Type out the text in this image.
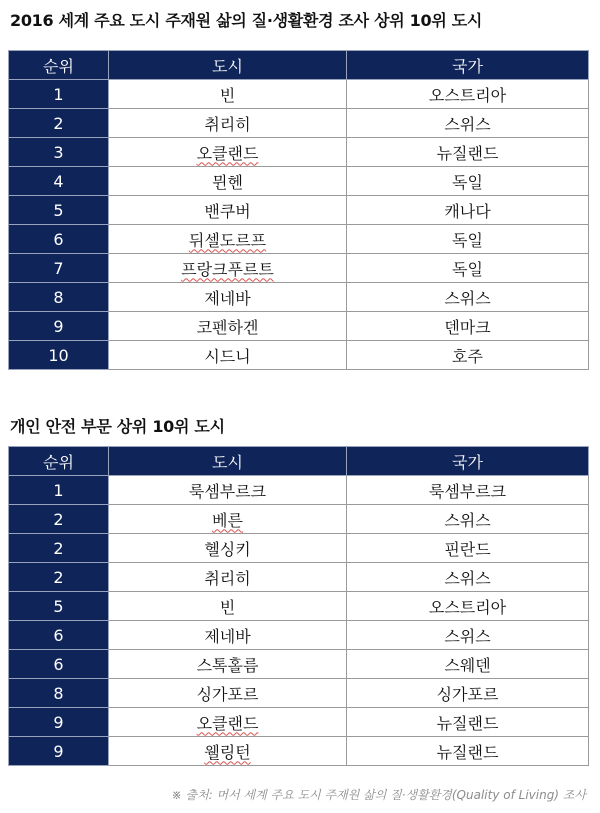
2016 세계 주요 도시 주재원 삶의 질·생활환경 조사 상위 10위 도시
순위	도시	국가
1	빈	오스트리아
2	취리히	스위스
3	오클랜드	뉴질랜드
4	뮌헨	독일
5	밴쿠버	캐나다
6	뒤셀도르프	독일
7	프랑크푸르트	독일
8	제네바	스위스
9	코펜하겐	덴마크
10	시드니	호주
개인 안전 부문 상위 10위 도시
순위	도시	국가
1	룩셈부르크	룩셈부르크
2	베른	스위스
2	헬싱키	핀란드
2	취리히	스위스
5	빈	오스트리아
6	제네바	스위스
6	스톡홀름	스웨덴
8	싱가포르	싱가포르
9	오클랜드	뉴질랜드
9	웰링턴	뉴질랜드
※ 출처: 머서 세계 주요 도시 주재원 삶의 질·생활환경(Quality of Living) 조사
